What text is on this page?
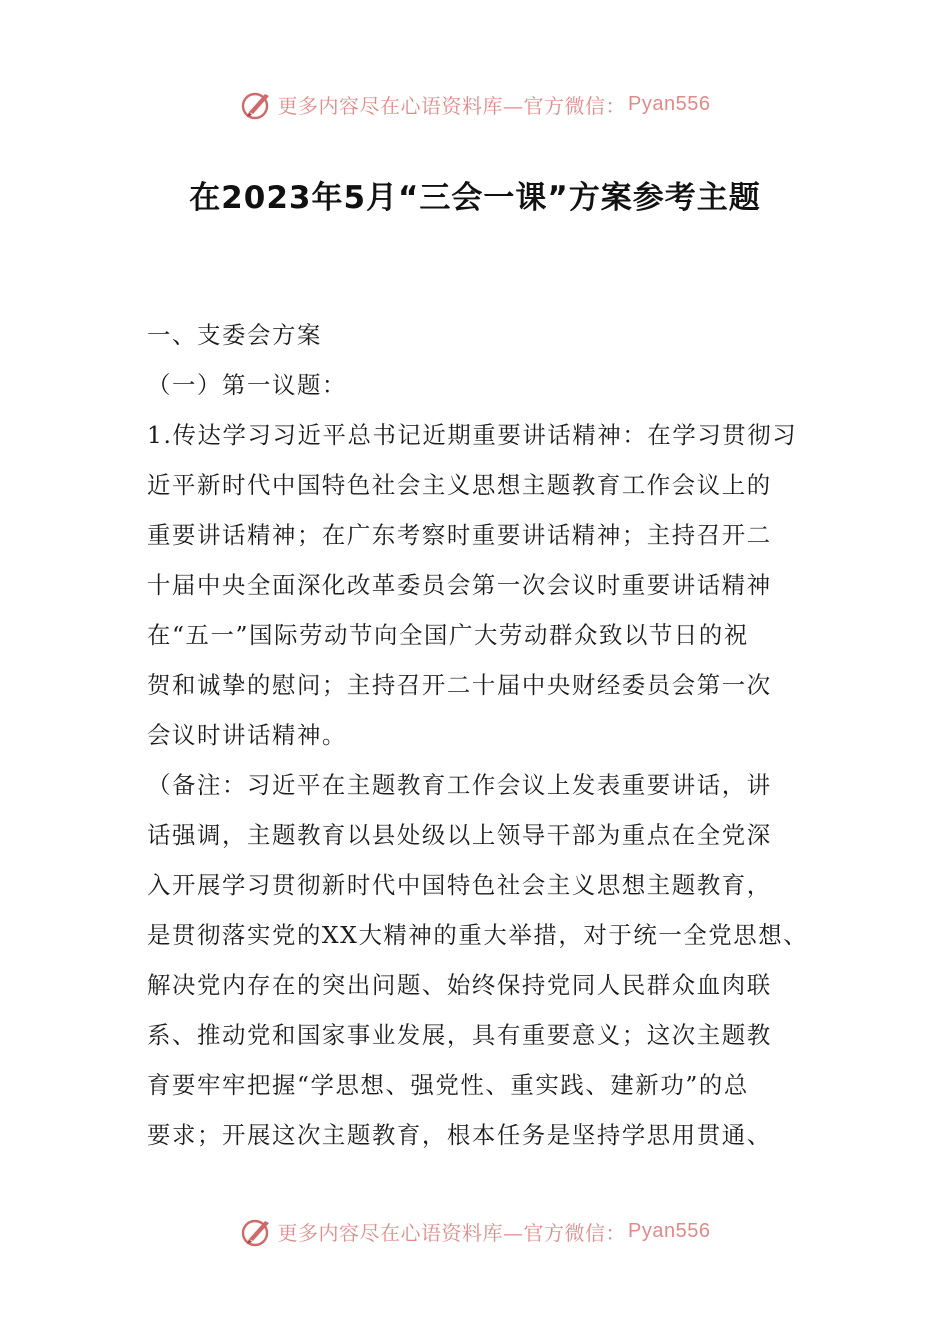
更多内容尽在心语资料库—官方微信： Pyan556
在2023年5月“三会一课”方案参考主题

一、支委会方案

（一）第一议题：

1.传达学习习近平总书记近期重要讲话精神：在学习贯彻习
近平新时代中国特色社会主义思想主题教育工作会议上的
重要讲话精神；在广东考察时重要讲话精神；主持召开二
十届中央全面深化改革委员会第一次会议时重要讲话精神
在“五一”国际劳动节向全国广大劳动群众致以节日的祝
贺和诚挚的慰问；主持召开二十届中央财经委员会第一次
会议时讲话精神。
（备注：习近平在主题教育工作会议上发表重要讲话，讲
话强调，主题教育以县处级以上领导干部为重点在全党深
入开展学习贯彻新时代中国特色社会主义思想主题教育，
是贯彻落实党的XX大精神的重大举措，对于统一全党思想、
解决党内存在的突出问题、始终保持党同人民群众血肉联
系、推动党和国家事业发展，具有重要意义；这次主题教
育要牢牢把握“学思想、强党性、重实践、建新功”的总
要求；开展这次主题教育，根本任务是坚持学思用贯通、
更多内容尽在心语资料库—官方微信： Pyan556
